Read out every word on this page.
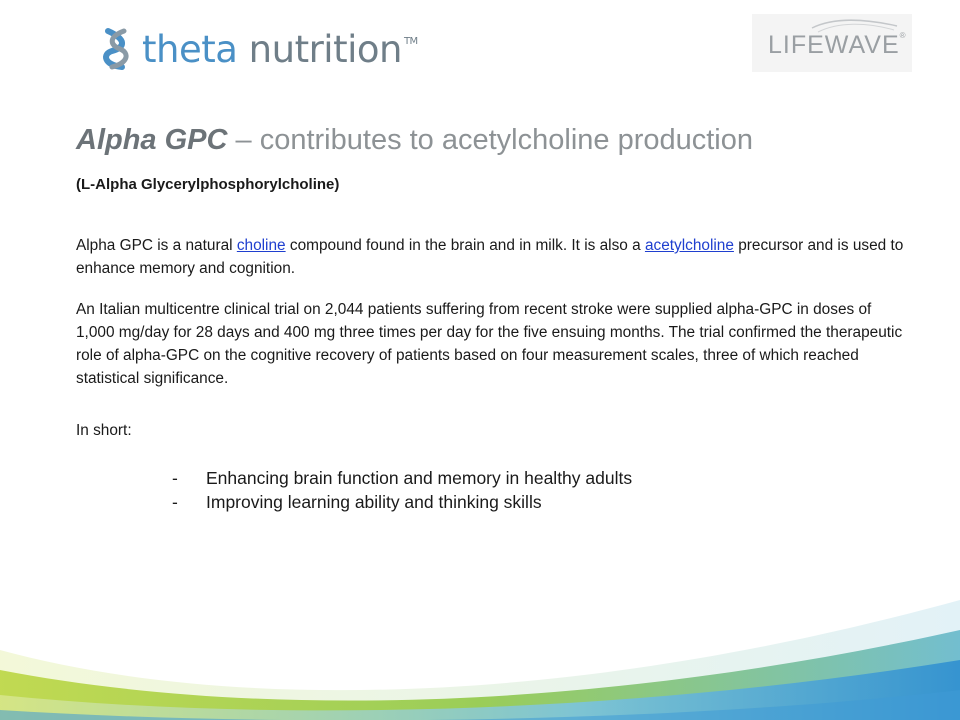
theta nutrition ™	LIFEWAVE®
Alpha GPC – contributes to acetylcholine production
(L-Alpha Glycerylphosphorylcholine)

Alpha GPC is a natural choline compound found in the brain and in milk. It is also a acetylcholine precursor and is used to enhance memory and cognition.

An Italian multicentre clinical trial on 2,044 patients suffering from recent stroke were supplied alpha-GPC in doses of 1,000 mg/day for 28 days and 400 mg three times per day for the five ensuing months. The trial confirmed the therapeutic role of alpha-GPC on the cognitive recovery of patients based on four measurement scales, three of which reached statistical significance.

In short:

-	Enhancing brain function and memory in healthy adults
-	Improving learning ability and thinking skills
